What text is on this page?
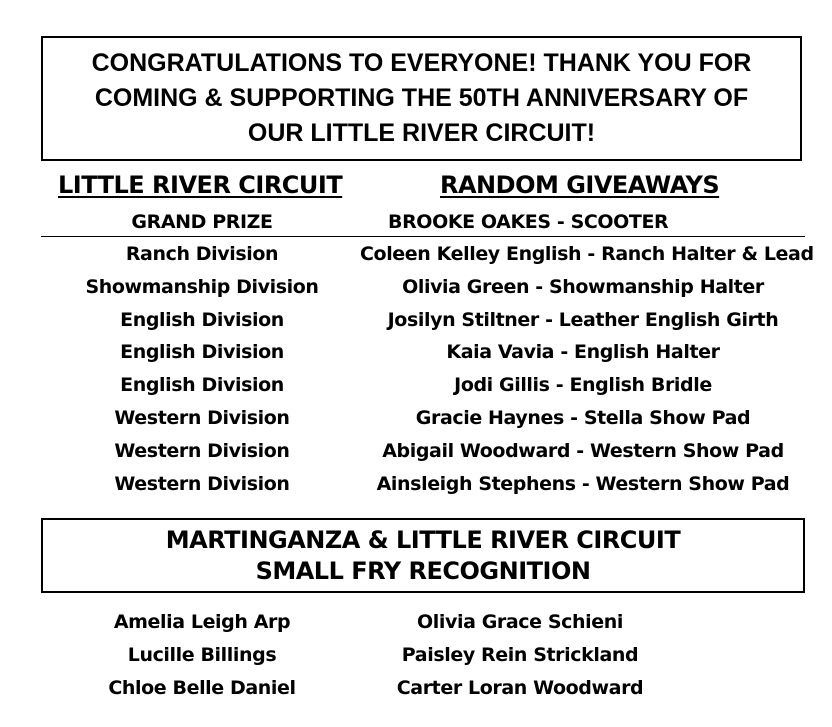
CONGRATULATIONS TO EVERYONE! THANK YOU FOR
COMING & SUPPORTING THE 50TH ANNIVERSARY OF
OUR LITTLE RIVER CIRCUIT!
LITTLE RIVER CIRCUIT	RANDOM GIVEAWAYS
GRAND PRIZE	BROOKE OAKES - SCOOTER
Ranch Division	Coleen Kelley English - Ranch Halter & Lead
Showmanship Division	Olivia Green - Showmanship Halter
English Division	Josilyn Stiltner - Leather English Girth
English Division	Kaia Vavia - English Halter
English Division	Jodi Gillis - English Bridle
Western Division	Gracie Haynes - Stella Show Pad
Western Division	Abigail Woodward - Western Show Pad
Western Division	Ainsleigh Stephens - Western Show Pad
MARTINGANZA & LITTLE RIVER CIRCUIT
SMALL FRY RECOGNITION
Amelia Leigh Arp	Olivia Grace Schieni
Lucille Billings	Paisley Rein Strickland
Chloe Belle Daniel	Carter Loran Woodward
